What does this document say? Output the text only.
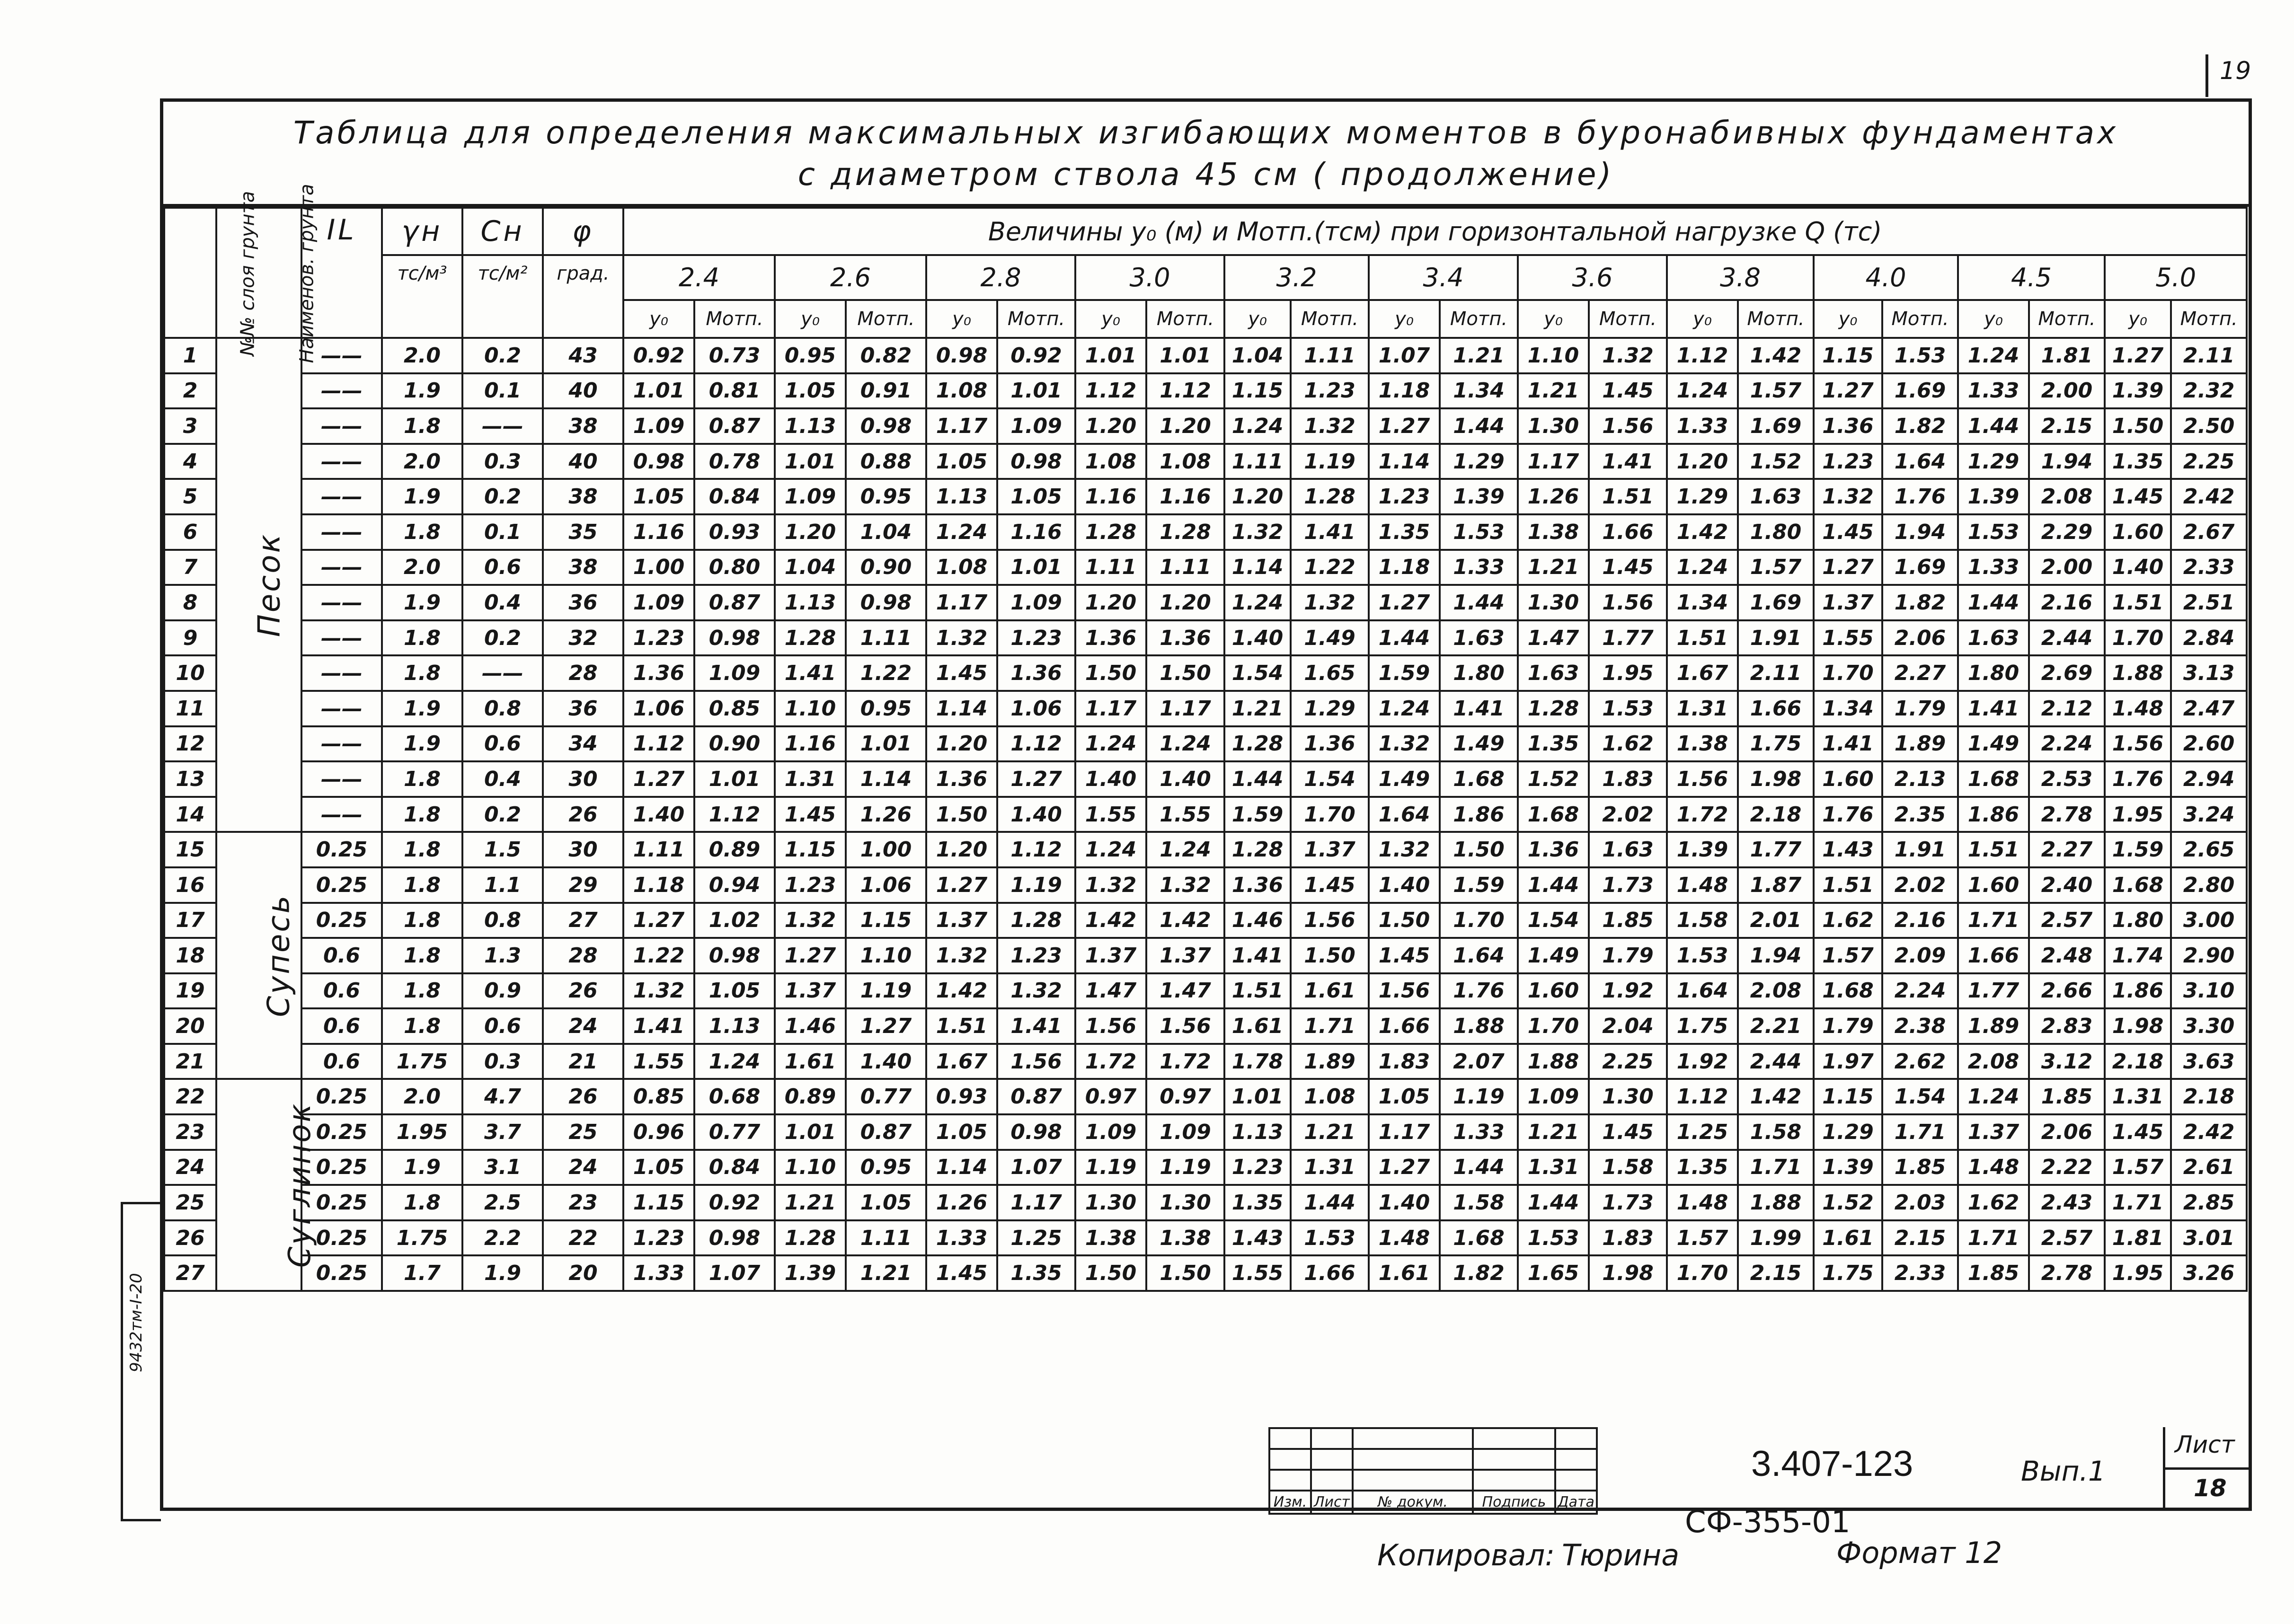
19
9432тм-I-20
Таблица для определения максимальных изгибающих моментов в буронабивных фундаментах
с диаметром ствола 45 см ( продолжение)
№№ слоя грунта	Наименов. грунта	IL	γн	Сн	φ	Величины у₀ (м) и Мотп.(тсм) при горизонтальной нагрузке Q (тс)																					
			тс/м³	тс/м²	град.	2.4		2.6		2.8		3.0		3.2		3.4		3.6		3.8		4.0		4.5		5.0	
						y₀	Мотп.	y₀	Мотп.	y₀	Мотп.	y₀	Мотп.	y₀	Мотп.	y₀	Мотп.	y₀	Мотп.	y₀	Мотп.	y₀	Мотп.	y₀	Мотп.	y₀	Мотп.
1	Песок	——	2.0	0.2	43	0.92	0.73	0.95	0.82	0.98	0.92	1.01	1.01	1.04	1.11	1.07	1.21	1.10	1.32	1.12	1.42	1.15	1.53	1.24	1.81	1.27	2.11
2		——	1.9	0.1	40	1.01	0.81	1.05	0.91	1.08	1.01	1.12	1.12	1.15	1.23	1.18	1.34	1.21	1.45	1.24	1.57	1.27	1.69	1.33	2.00	1.39	2.32
3		——	1.8	——	38	1.09	0.87	1.13	0.98	1.17	1.09	1.20	1.20	1.24	1.32	1.27	1.44	1.30	1.56	1.33	1.69	1.36	1.82	1.44	2.15	1.50	2.50
4		——	2.0	0.3	40	0.98	0.78	1.01	0.88	1.05	0.98	1.08	1.08	1.11	1.19	1.14	1.29	1.17	1.41	1.20	1.52	1.23	1.64	1.29	1.94	1.35	2.25
5		——	1.9	0.2	38	1.05	0.84	1.09	0.95	1.13	1.05	1.16	1.16	1.20	1.28	1.23	1.39	1.26	1.51	1.29	1.63	1.32	1.76	1.39	2.08	1.45	2.42
6		——	1.8	0.1	35	1.16	0.93	1.20	1.04	1.24	1.16	1.28	1.28	1.32	1.41	1.35	1.53	1.38	1.66	1.42	1.80	1.45	1.94	1.53	2.29	1.60	2.67
7		——	2.0	0.6	38	1.00	0.80	1.04	0.90	1.08	1.01	1.11	1.11	1.14	1.22	1.18	1.33	1.21	1.45	1.24	1.57	1.27	1.69	1.33	2.00	1.40	2.33
8		——	1.9	0.4	36	1.09	0.87	1.13	0.98	1.17	1.09	1.20	1.20	1.24	1.32	1.27	1.44	1.30	1.56	1.34	1.69	1.37	1.82	1.44	2.16	1.51	2.51
9		——	1.8	0.2	32	1.23	0.98	1.28	1.11	1.32	1.23	1.36	1.36	1.40	1.49	1.44	1.63	1.47	1.77	1.51	1.91	1.55	2.06	1.63	2.44	1.70	2.84
10		——	1.8	——	28	1.36	1.09	1.41	1.22	1.45	1.36	1.50	1.50	1.54	1.65	1.59	1.80	1.63	1.95	1.67	2.11	1.70	2.27	1.80	2.69	1.88	3.13
11		——	1.9	0.8	36	1.06	0.85	1.10	0.95	1.14	1.06	1.17	1.17	1.21	1.29	1.24	1.41	1.28	1.53	1.31	1.66	1.34	1.79	1.41	2.12	1.48	2.47
12		——	1.9	0.6	34	1.12	0.90	1.16	1.01	1.20	1.12	1.24	1.24	1.28	1.36	1.32	1.49	1.35	1.62	1.38	1.75	1.41	1.89	1.49	2.24	1.56	2.60
13		——	1.8	0.4	30	1.27	1.01	1.31	1.14	1.36	1.27	1.40	1.40	1.44	1.54	1.49	1.68	1.52	1.83	1.56	1.98	1.60	2.13	1.68	2.53	1.76	2.94
14		——	1.8	0.2	26	1.40	1.12	1.45	1.26	1.50	1.40	1.55	1.55	1.59	1.70	1.64	1.86	1.68	2.02	1.72	2.18	1.76	2.35	1.86	2.78	1.95	3.24
15	Супесь	0.25	1.8	1.5	30	1.11	0.89	1.15	1.00	1.20	1.12	1.24	1.24	1.28	1.37	1.32	1.50	1.36	1.63	1.39	1.77	1.43	1.91	1.51	2.27	1.59	2.65
16		0.25	1.8	1.1	29	1.18	0.94	1.23	1.06	1.27	1.19	1.32	1.32	1.36	1.45	1.40	1.59	1.44	1.73	1.48	1.87	1.51	2.02	1.60	2.40	1.68	2.80
17		0.25	1.8	0.8	27	1.27	1.02	1.32	1.15	1.37	1.28	1.42	1.42	1.46	1.56	1.50	1.70	1.54	1.85	1.58	2.01	1.62	2.16	1.71	2.57	1.80	3.00
18		0.6	1.8	1.3	28	1.22	0.98	1.27	1.10	1.32	1.23	1.37	1.37	1.41	1.50	1.45	1.64	1.49	1.79	1.53	1.94	1.57	2.09	1.66	2.48	1.74	2.90
19		0.6	1.8	0.9	26	1.32	1.05	1.37	1.19	1.42	1.32	1.47	1.47	1.51	1.61	1.56	1.76	1.60	1.92	1.64	2.08	1.68	2.24	1.77	2.66	1.86	3.10
20		0.6	1.8	0.6	24	1.41	1.13	1.46	1.27	1.51	1.41	1.56	1.56	1.61	1.71	1.66	1.88	1.70	2.04	1.75	2.21	1.79	2.38	1.89	2.83	1.98	3.30
21		0.6	1.75	0.3	21	1.55	1.24	1.61	1.40	1.67	1.56	1.72	1.72	1.78	1.89	1.83	2.07	1.88	2.25	1.92	2.44	1.97	2.62	2.08	3.12	2.18	3.63
22	Суглинок	0.25	2.0	4.7	26	0.85	0.68	0.89	0.77	0.93	0.87	0.97	0.97	1.01	1.08	1.05	1.19	1.09	1.30	1.12	1.42	1.15	1.54	1.24	1.85	1.31	2.18
23		0.25	1.95	3.7	25	0.96	0.77	1.01	0.87	1.05	0.98	1.09	1.09	1.13	1.21	1.17	1.33	1.21	1.45	1.25	1.58	1.29	1.71	1.37	2.06	1.45	2.42
24		0.25	1.9	3.1	24	1.05	0.84	1.10	0.95	1.14	1.07	1.19	1.19	1.23	1.31	1.27	1.44	1.31	1.58	1.35	1.71	1.39	1.85	1.48	2.22	1.57	2.61
25		0.25	1.8	2.5	23	1.15	0.92	1.21	1.05	1.26	1.17	1.30	1.30	1.35	1.44	1.40	1.58	1.44	1.73	1.48	1.88	1.52	2.03	1.62	2.43	1.71	2.85
26		0.25	1.75	2.2	22	1.23	0.98	1.28	1.11	1.33	1.25	1.38	1.38	1.43	1.53	1.48	1.68	1.53	1.83	1.57	1.99	1.61	2.15	1.71	2.57	1.81	3.01
27		0.25	1.7	1.9	20	1.33	1.07	1.39	1.21	1.45	1.35	1.50	1.50	1.55	1.66	1.61	1.82	1.65	1.98	1.70	2.15	1.75	2.33	1.85	2.78	1.95	3.26

Изм.	Лист	№ докум.	Подпись	Дата
3.407-123	Вып.1
Лист
18
СФ-355-01
Копировал: Тюрина	Формат 12
